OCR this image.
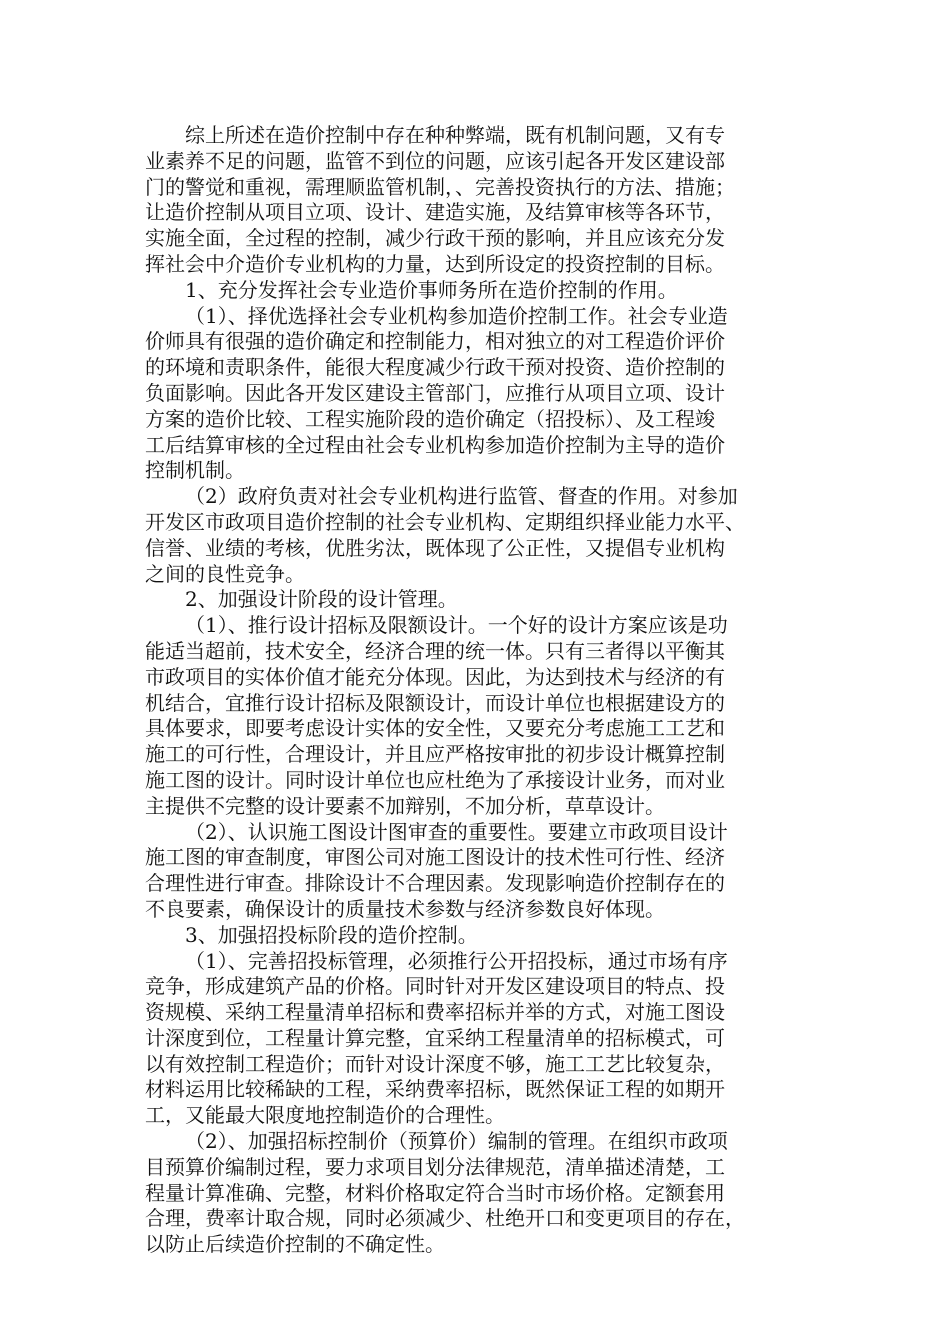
综上所述在造价控制中存在种种弊端，既有机制问题，又有专
业素养不足的问题，监管不到位的问题，应该引起各开发区建设部
门的警觉和重视，需理顺监管机制，、完善投资执行的方法、措施；
让造价控制从项目立项、设计、建造实施，及结算审核等各环节，
实施全面，全过程的控制，减少行政干预的影响，并且应该充分发
挥社会中介造价专业机构的力量，达到所设定的投资控制的目标。

1、充分发挥社会专业造价事师务所在造价控制的作用。

（1）、择优选择社会专业机构参加造价控制工作。社会专业造
价师具有很强的造价确定和控制能力，相对独立的对工程造价评价
的环境和责职条件，能很大程度减少行政干预对投资、造价控制的
负面影响。因此各开发区建设主管部门，应推行从项目立项、设计
方案的造价比较、工程实施阶段的造价确定（招投标）、及工程竣
工后结算审核的全过程由社会专业机构参加造价控制为主导的造价
控制机制。

（2）政府负责对社会专业机构进行监管、督查的作用。对参加
开发区市政项目造价控制的社会专业机构、定期组织择业能力水平、
信誉、业绩的考核，优胜劣汰，既体现了公正性，又提倡专业机构
之间的良性竞争。

2、加强设计阶段的设计管理。

（1）、推行设计招标及限额设计。一个好的设计方案应该是功
能适当超前，技术安全，经济合理的统一体。只有三者得以平衡其
市政项目的实体价值才能充分体现。因此，为达到技术与经济的有
机结合，宜推行设计招标及限额设计，而设计单位也根据建设方的
具体要求，即要考虑设计实体的安全性，又要充分考虑施工工艺和
施工的可行性，合理设计，并且应严格按审批的初步设计概算控制
施工图的设计。同时设计单位也应杜绝为了承接设计业务，而对业
主提供不完整的设计要素不加辩别，不加分析，草草设计。

（2）、认识施工图设计图审查的重要性。要建立市政项目设计
施工图的审查制度，审图公司对施工图设计的技术性可行性、经济
合理性进行审查。排除设计不合理因素。发现影响造价控制存在的
不良要素，确保设计的质量技术参数与经济参数良好体现。

3、加强招投标阶段的造价控制。

（1）、完善招投标管理，必须推行公开招投标，通过市场有序
竞争，形成建筑产品的价格。同时针对开发区建设项目的特点、投
资规模、采纳工程量清单招标和费率招标并举的方式，对施工图设
计深度到位，工程量计算完整，宜采纳工程量清单的招标模式，可
以有效控制工程造价；而针对设计深度不够，施工工艺比较复杂，
材料运用比较稀缺的工程，采纳费率招标，既然保证工程的如期开
工，又能最大限度地控制造价的合理性。

（2）、加强招标控制价（预算价）编制的管理。在组织市政项
目预算价编制过程，要力求项目划分法律规范，清单描述清楚，工
程量计算准确、完整，材料价格取定符合当时市场价格。定额套用
合理，费率计取合规，同时必须减少、杜绝开口和变更项目的存在，
以防止后续造价控制的不确定性。
